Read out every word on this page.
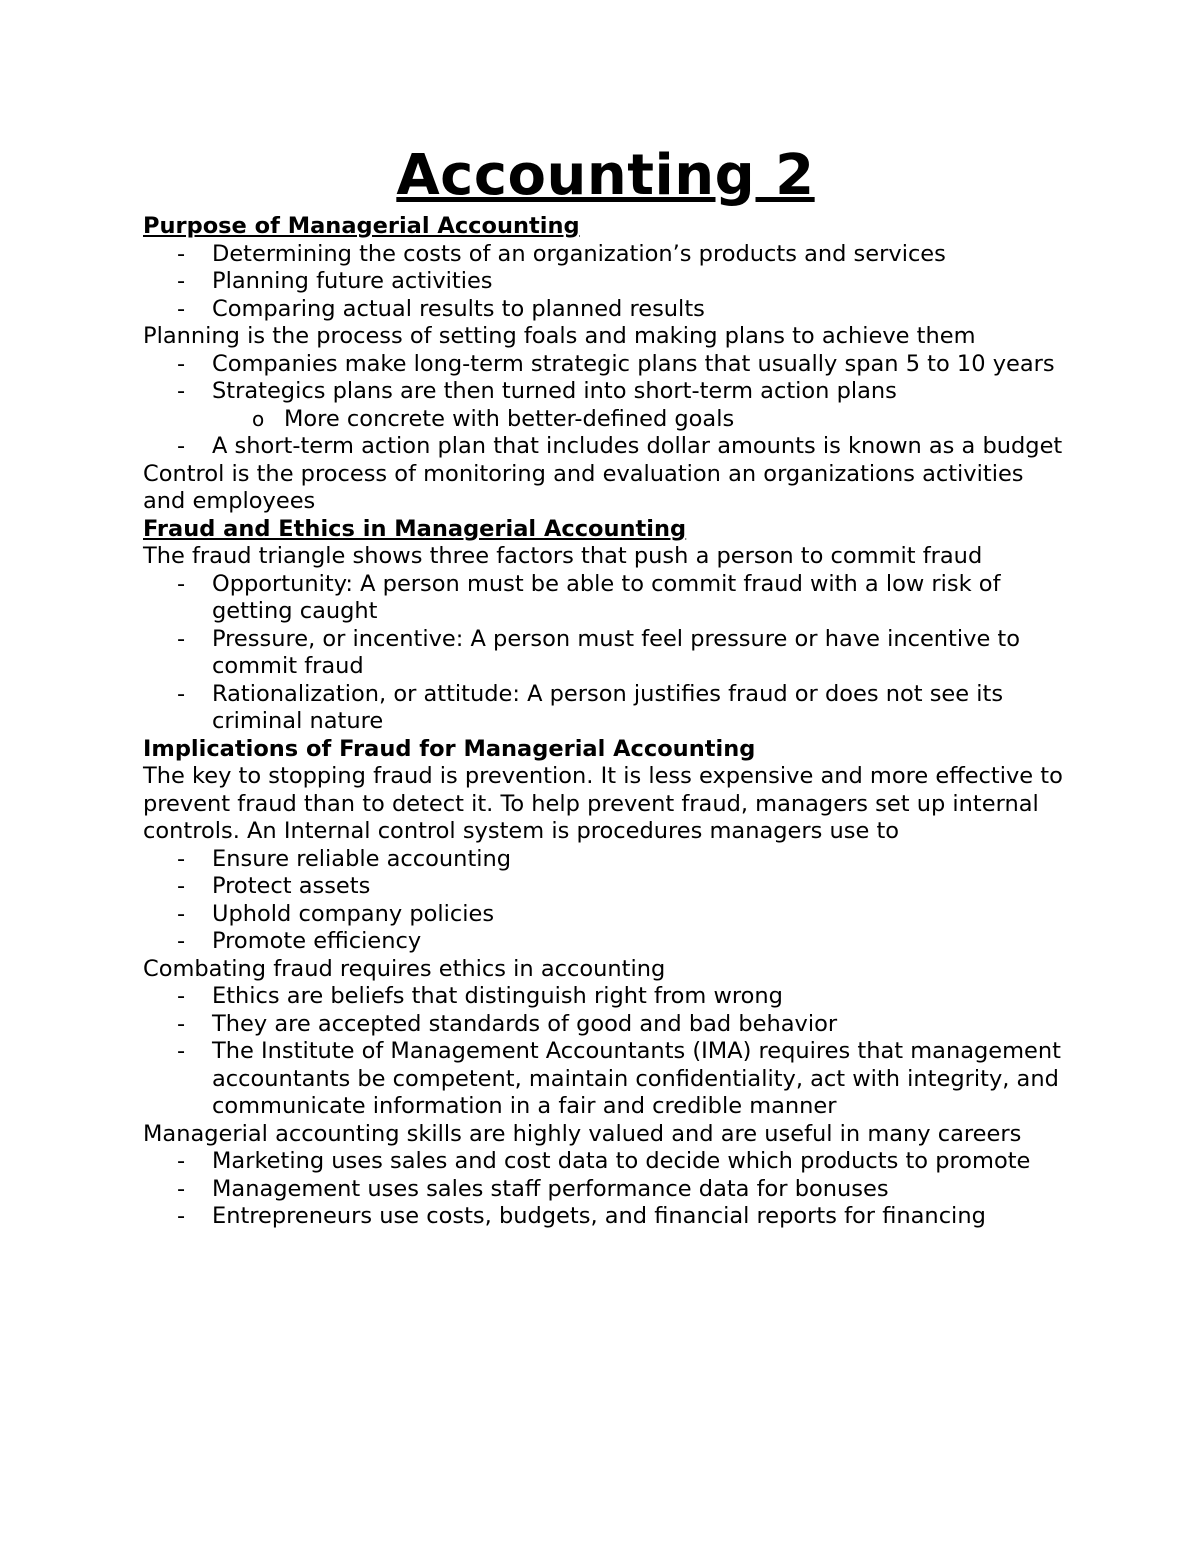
Accounting 2
Purpose of Managerial Accounting
- Determining the costs of an organization’s products and services
- Planning future activities
- Comparing actual results to planned results

Planning is the process of setting foals and making plans to achieve them

- Companies make long-term strategic plans that usually span 5 to 10 years
- Strategics plans are then turned into short-term action plans
o More concrete with better-defined goals
- A short-term action plan that includes dollar amounts is known as a budget

Control is the process of monitoring and evaluation an organizations activities and employees

Fraud and Ethics in Managerial Accounting

The fraud triangle shows three factors that push a person to commit fraud

- Opportunity: A person must be able to commit fraud with a low risk of getting caught
- Pressure, or incentive: A person must feel pressure or have incentive to commit fraud
- Rationalization, or attitude: A person justifies fraud or does not see its criminal nature
Implications of Fraud for Managerial Accounting

The key to stopping fraud is prevention. It is less expensive and more effective to prevent fraud than to detect it. To help prevent fraud, managers set up internal controls. An Internal control system is procedures managers use to

- Ensure reliable accounting
- Protect assets
- Uphold company policies
- Promote efficiency

Combating fraud requires ethics in accounting

- Ethics are beliefs that distinguish right from wrong
- They are accepted standards of good and bad behavior
- The Institute of Management Accountants (IMA) requires that management accountants be competent, maintain confidentiality, act with integrity, and communicate information in a fair and credible manner

Managerial accounting skills are highly valued and are useful in many careers

- Marketing uses sales and cost data to decide which products to promote
- Management uses sales staff performance data for bonuses
- Entrepreneurs use costs, budgets, and financial reports for financing
